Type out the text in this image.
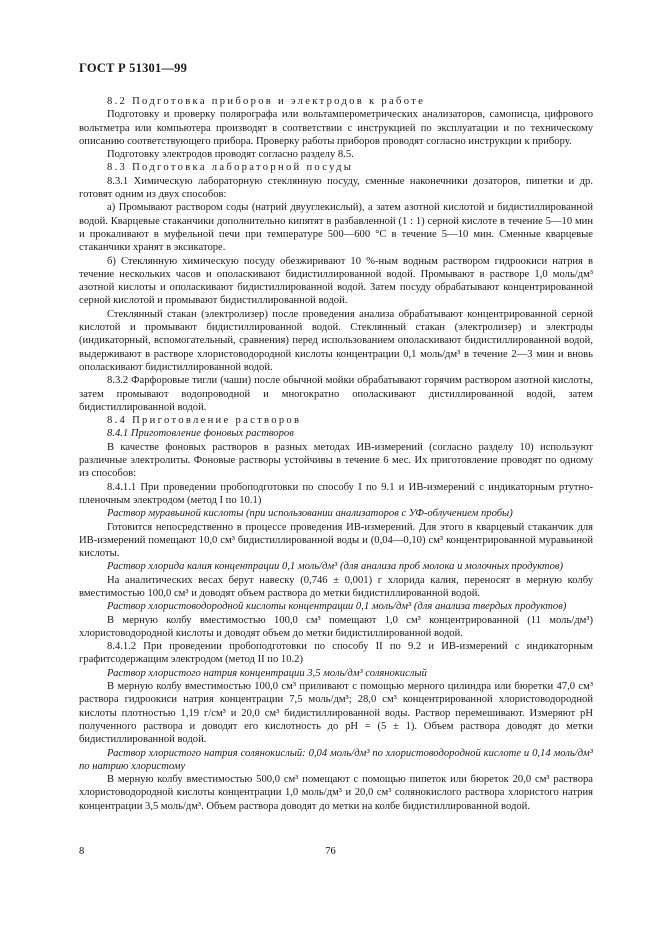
ГОСТ Р 51301—99

8.2 Подготовка приборов и электродов к работе

Подготовку и проверку полярографа или вольтамперометрических анализаторов, самописца, цифрового вольтметра или компьютера производят в соответствии с инструкцией по эксплуатации и по техническому описанию соответствующего прибора. Проверку работы приборов проводят согласно инструкции к прибору.

Подготовку электродов проводят согласно разделу 8.5.

8.3 Подготовка лабораторной посуды

8.3.1 Химическую лабораторную стеклянную посуду, сменные наконечники дозаторов, пипетки и др. готовят одним из двух способов:

а) Промывают раствором соды (натрий двууглекислый), а затем азотной кислотой и бидистиллированной водой. Кварцевые стаканчики дополнительно кипятят в разбавленной (1 : 1) серной кислоте в течение 5—10 мин и прокаливают в муфельной печи при температуре 500—600 °С в течение 5—10 мин. Сменные кварцевые стаканчики хранят в эксикаторе.

б) Стеклянную химическую посуду обезжиривают 10 %-ным водным раствором гидроокиси натрия в течение нескольких часов и ополаскивают бидистиллированной водой. Промывают в растворе 1,0 моль/дм³ азотной кислоты и ополаскивают бидистиллированной водой. Затем посуду обрабатывают концентрированной серной кислотой и промывают бидистиллированной водой.

Стеклянный стакан (электролизер) после проведения анализа обрабатывают концентрированной серной кислотой и промывают бидистиллированной водой. Стеклянный стакан (электролизер) и электроды (индикаторный, вспомогательный, сравнения) перед использованием ополаскивают бидистиллированной водой, выдерживают в растворе хлористоводородной кислоты концентрации 0,1 моль/дм³ в течение 2—3 мин и вновь ополаскивают бидистиллированной водой.

8.3.2 Фарфоровые тигли (чаши) после обычной мойки обрабатывают горячим раствором азотной кислоты, затем промывают водопроводной и многократно ополаскивают дистиллированной водой, затем бидистиллированной водой.

8.4 Приготовление растворов

8.4.1 Приготовление фоновых растворов

В качестве фоновых растворов в разных методах ИВ-измерений (согласно разделу 10) используют различные электролиты. Фоновые растворы устойчивы в течение 6 мес. Их приготовление проводят по одному из способов:

8.4.1.1 При проведении пробоподготовки по способу I по 9.1 и ИВ-измерений с индикаторным ртутно-пленочным электродом (метод I по 10.1)

Раствор муравьиной кислоты (при использовании анализаторов с УФ-облучением пробы)

Готовится непосредственно в процессе проведения ИВ-измерений. Для этого в кварцевый стаканчик для ИВ-измерений помещают 10,0 см³ бидистиллированной воды и (0,04—0,10) см³ концентрированной муравьиной кислоты.

Раствор хлорида калия концентрации 0,1 моль/дм³ (для анализа проб молока и молочных продуктов)

На аналитических весах берут навеску (0,746 ± 0,001) г хлорида калия, переносят в мерную колбу вместимостью 100,0 см³ и доводят объем раствора до метки бидистиллированной водой.

Раствор хлористоводородной кислоты концентрации 0,1 моль/дм³ (для анализа твердых продуктов)

В мерную колбу вместимостью 100,0 см³ помещают 1,0 см³ концентрированной (11 моль/дм³) хлористоводородной кислоты и доводят объем до метки бидистиллированной водой.

8.4.1.2 При проведении пробоподготовки по способу II по 9.2 и ИВ-измерений с индикаторным графитсодержащим электродом (метод II по 10.2)

Раствор хлористого натрия концентрации 3,5 моль/дм³ солянокислый

В мерную колбу вместимостью 100,0 см³ приливают с помощью мерного цилиндра или бюретки 47,0 см³ раствора гидроокиси натрия концентрации 7,5 моль/дм³; 28,0 см³ концентрированной хлористоводородной кислоты плотностью 1,19 г/см³ и 20,0 см³ бидистиллированной воды. Раствор перемешивают. Измеряют рН полученного раствора и доводят его кислотность до рН = (5 ± 1). Объем раствора доводят до метки бидистиллированной водой.

Раствор хлористого натрия солянокислый: 0,04 моль/дм³ по хлористоводородной кислоте и 0,14 моль/дм³ по натрию хлористому

В мерную колбу вместимостью 500,0 см³ помещают с помощью пипеток или бюреток 20,0 см³ раствора хлористоводородной кислоты концентрации 1,0 моль/дм³ и 20,0 см³ солянокислого раствора хлористого натрия концентрации 3,5 моль/дм³. Объем раствора доводят до метки на колбе бидистиллированной водой.

8	76
